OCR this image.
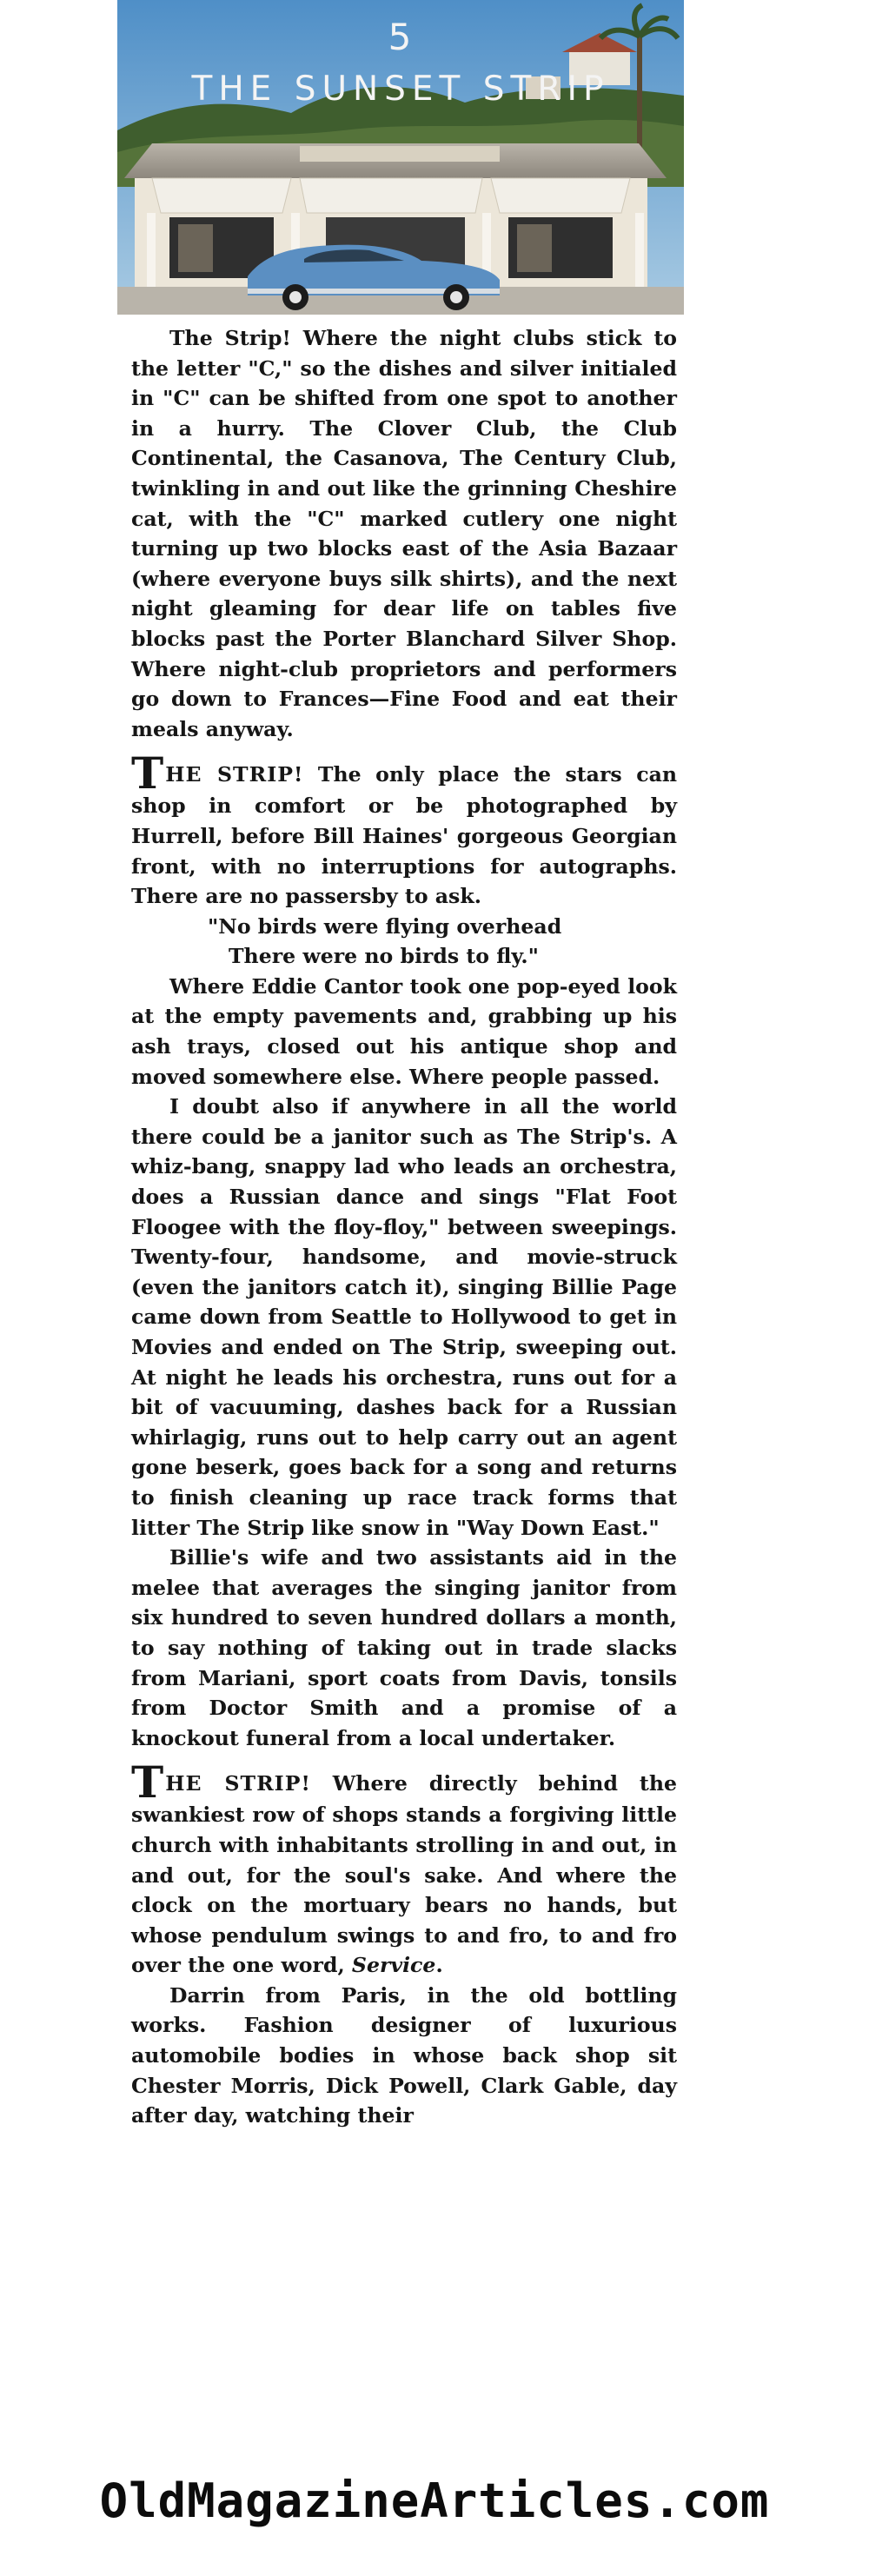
5
THE SUNSET STRIP

The Strip! Where the night clubs stick to the letter "C," so the dishes and silver initialed in "C" can be shifted from one spot to another in a hurry. The Clover Club, the Club Continental, the Casanova, The Century Club, twinkling in and out like the grinning Cheshire cat, with the "C" marked cutlery one night turning up two blocks east of the Asia Bazaar (where everyone buys silk shirts), and the next night gleaming for dear life on tables five blocks past the Porter Blanchard Silver Shop. Where night-club proprietors and performers go down to Frances—Fine Food and eat their meals anyway.

THE STRIP! The only place the stars can shop in comfort or be photographed by Hurrell, before Bill Haines' gorgeous Georgian front, with no interruptions for autographs. There are no passersby to ask.

"No birds were flying overhead
There were no birds to fly."

Where Eddie Cantor took one pop-eyed look at the empty pavements and, grabbing up his ash trays, closed out his antique shop and moved somewhere else. Where people passed.

I doubt also if anywhere in all the world there could be a janitor such as The Strip's. A whiz-bang, snappy lad who leads an orchestra, does a Russian dance and sings "Flat Foot Floogee with the floy-floy," between sweepings. Twenty-four, handsome, and movie-struck (even the janitors catch it), singing Billie Page came down from Seattle to Hollywood to get in Movies and ended on The Strip, sweeping out. At night he leads his orchestra, runs out for a bit of vacuuming, dashes back for a Russian whirlagig, runs out to help carry out an agent gone beserk, goes back for a song and returns to finish cleaning up race track forms that litter The Strip like snow in "Way Down East."

Billie's wife and two assistants aid in the melee that averages the singing janitor from six hundred to seven hundred dollars a month, to say nothing of taking out in trade slacks from Mariani, sport coats from Davis, tonsils from Doctor Smith and a promise of a knockout funeral from a local undertaker.

THE STRIP! Where directly behind the swankiest row of shops stands a forgiving little church with inhabitants strolling in and out, in and out, for the soul's sake. And where the clock on the mortuary bears no hands, but whose pendulum swings to and fro, to and fro over the one word, Service.

Darrin from Paris, in the old bottling works. Fashion designer of luxurious automobile bodies in whose back shop sit Chester Morris, Dick Powell, Clark Gable, day after day, watching their

OldMagazineArticles.com
